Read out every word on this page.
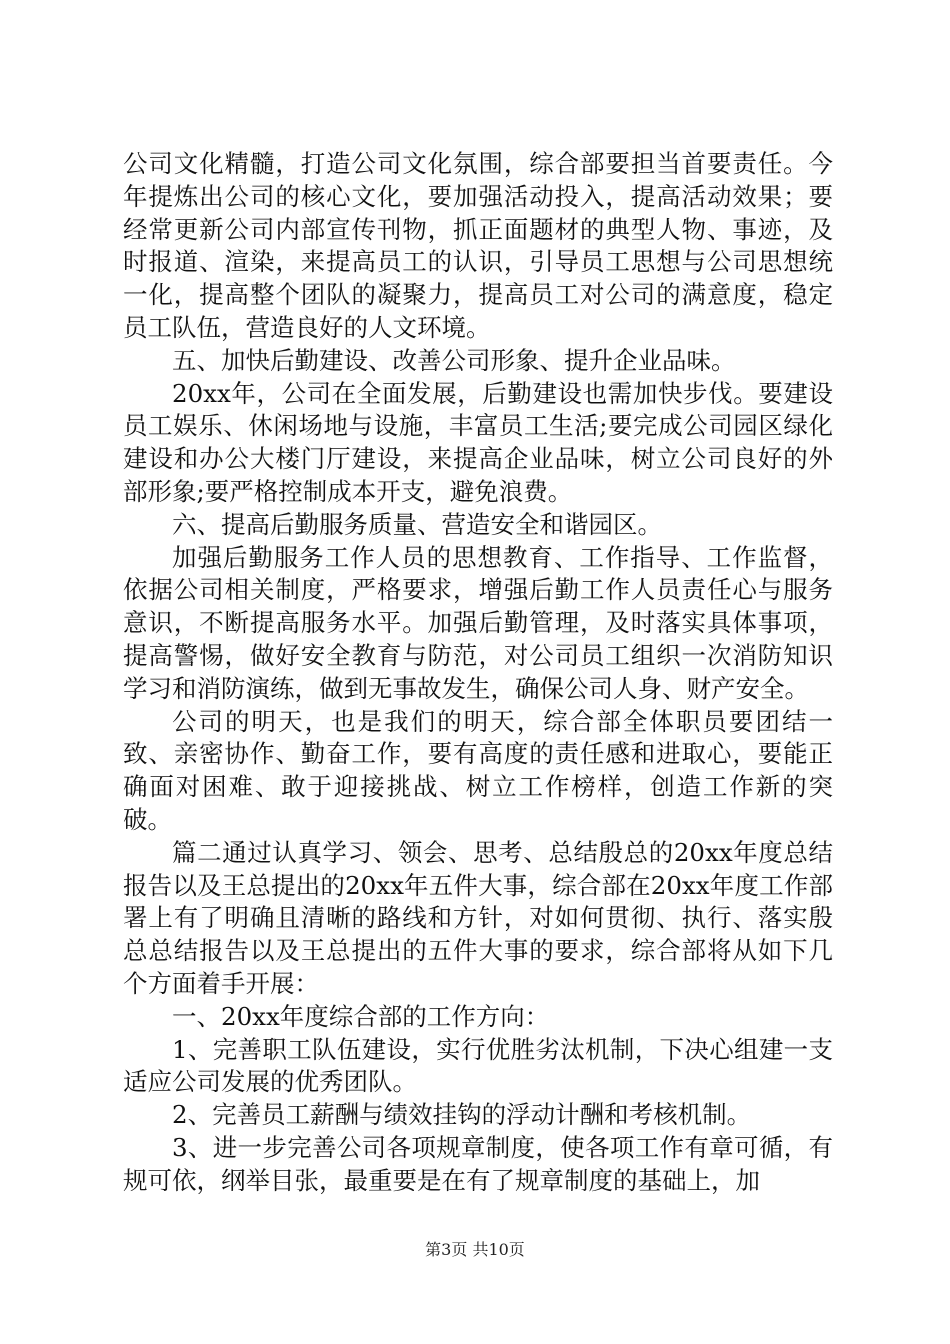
公司文化精髓，打造公司文化氛围，综合部要担当首要责任。今年提炼出公司的核心文化，要加强活动投入，提高活动效果；要经常更新公司内部宣传刊物，抓正面题材的典型人物、事迹，及时报道、渲染，来提高员工的认识，引导员工思想与公司思想统一化，提高整个团队的凝聚力，提高员工对公司的满意度，稳定员工队伍，营造良好的人文环境。

五、加快后勤建设、改善公司形象、提升企业品味。

20xx年，公司在全面发展，后勤建设也需加快步伐。要建设员工娱乐、休闲场地与设施，丰富员工生活;要完成公司园区绿化建设和办公大楼门厅建设，来提高企业品味，树立公司良好的外部形象;要严格控制成本开支，避免浪费。

六、提高后勤服务质量、营造安全和谐园区。

加强后勤服务工作人员的思想教育、工作指导、工作监督，依据公司相关制度，严格要求，增强后勤工作人员责任心与服务意识，不断提高服务水平。加强后勤管理，及时落实具体事项，提高警惕，做好安全教育与防范，对公司员工组织一次消防知识学习和消防演练，做到无事故发生，确保公司人身、财产安全。

公司的明天，也是我们的明天，综合部全体职员要团结一致、亲密协作、勤奋工作，要有高度的责任感和进取心，要能正确面对困难、敢于迎接挑战、树立工作榜样，创造工作新的突破。

篇二通过认真学习、领会、思考、总结殷总的20xx年度总结报告以及王总提出的20xx年五件大事，综合部在20xx年度工作部署上有了明确且清晰的路线和方针，对如何贯彻、执行、落实殷总总结报告以及王总提出的五件大事的要求，综合部将从如下几个方面着手开展：

一、20xx年度综合部的工作方向：

1、完善职工队伍建设，实行优胜劣汰机制，下决心组建一支适应公司发展的优秀团队。

2、完善员工薪酬与绩效挂钩的浮动计酬和考核机制。

3、进一步完善公司各项规章制度，使各项工作有章可循，有规可依，纲举目张，最重要是在有了规章制度的基础上，加

第3页 共10页
